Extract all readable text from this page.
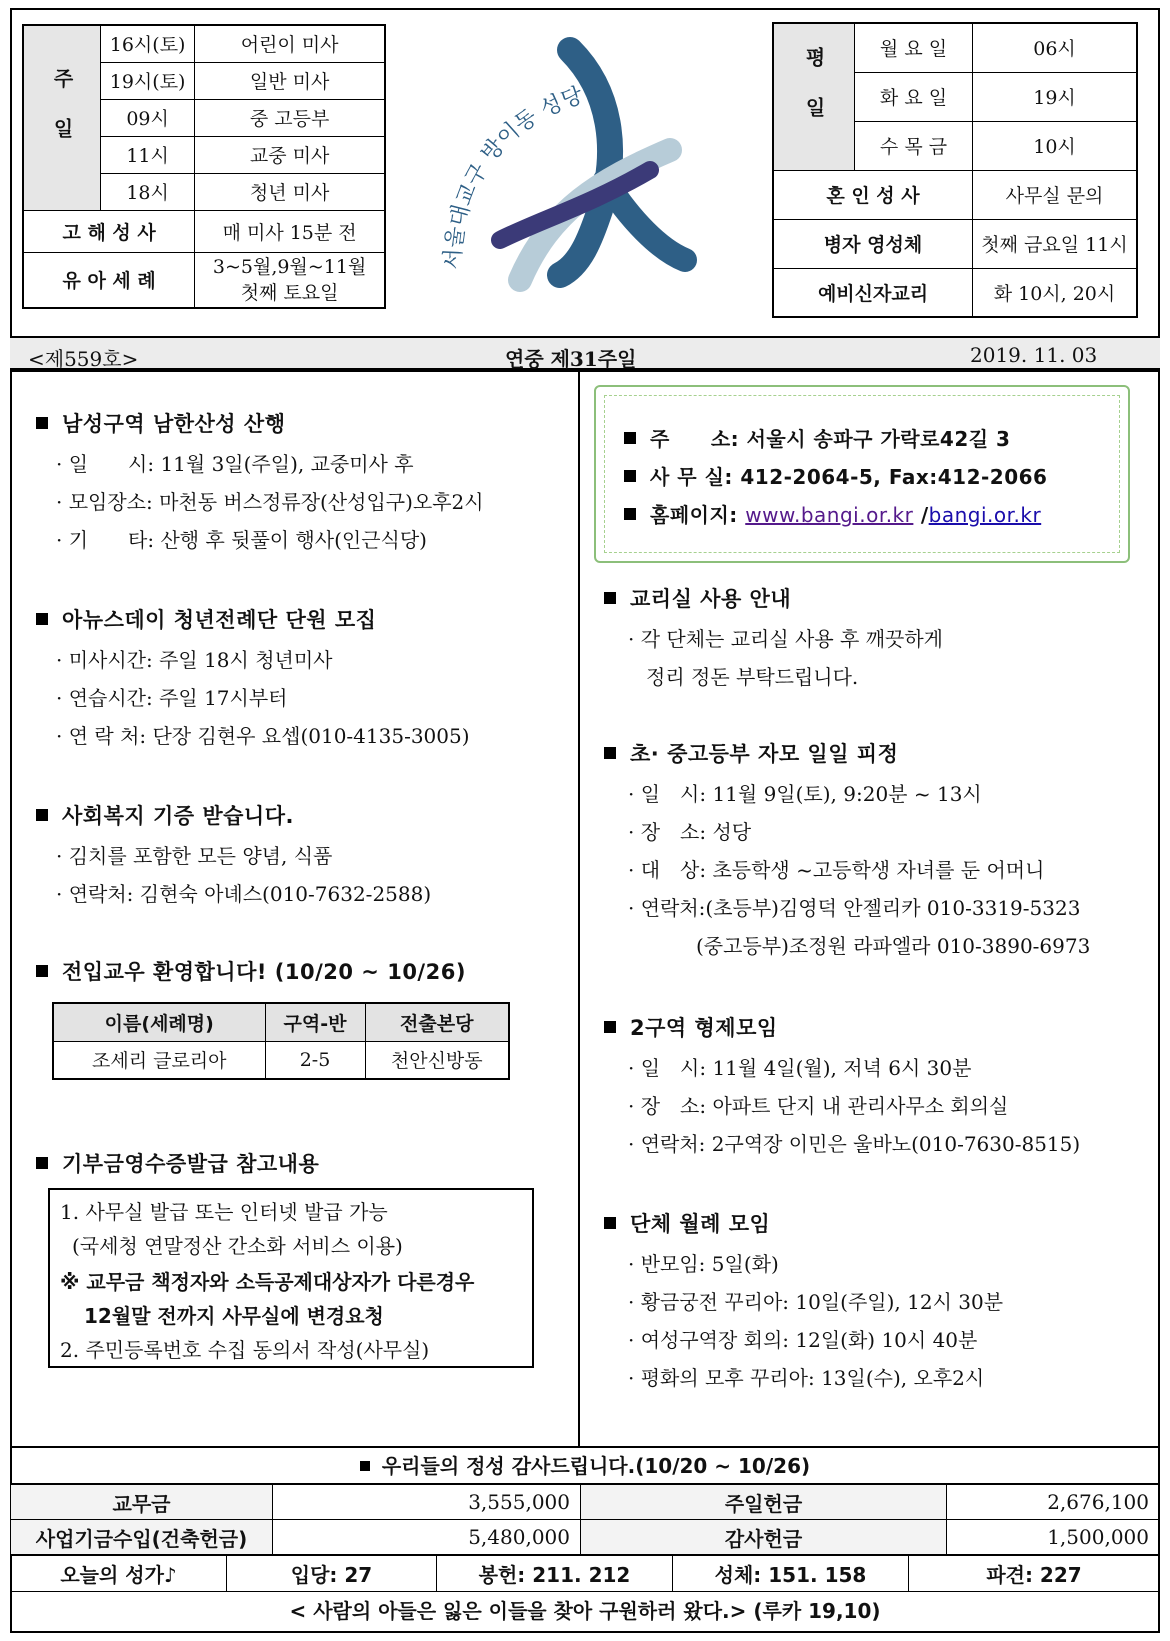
주일	16시(토)	어린이 미사
	19시(토)	일반 미사
	09시	중 고등부
	11시	교중 미사
	18시	청년 미사
고 해 성 사		매 미사 15분 전
유 아 세 례		3~5월,9월~11월
첫째 토요일
서울대교구 방이동 성당	평일	월 요 일	06시
	화 요 일	19시
	수 목 금	10시
혼 인 성 사		사무실 문의
병자 영성체		첫째 금요일 11시
예비신자교리		화 10시, 20시
<제559호>	연중 제31주일	2019. 11. 03
남성구역 남한산성 산행
· 일　　시: 11월 3일(주일), 교중미사 후
· 모임장소: 마천동 버스정류장(산성입구)오후2시
· 기　　타: 산행 후 뒷풀이 행사(인근식당)
아뉴스데이 청년전례단 단원 모집
· 미사시간: 주일 18시 청년미사
· 연습시간: 주일 17시부터
· 연 락 처: 단장 김현우 요셉(010-4135-3005)
사회복지 기증 받습니다.
· 김치를 포함한 모든 양념, 식품
· 연락처: 김현숙 아녜스(010-7632-2588)
전입교우 환영합니다! (10/20 ~ 10/26)
이름(세례명)	구역-반	전출본당
조세리 글로리아	2-5	천안신방동
기부금영수증발급 참고내용
1. 사무실 발급 또는 인터넷 발급 가능
(국세청 연말정산 간소화 서비스 이용)
※ 교무금 책정자와 소득공제대상자가 다른경우
12월말 전까지 사무실에 변경요청
2. 주민등록번호 수집 동의서 작성(사무실)
주　　소: 서울시 송파구 가락로42길 3
사 무 실: 412-2064-5, Fax:412-2066
홈페이지: www.bangi.or.kr /bangi.or.kr
교리실 사용 안내
· 각 단체는 교리실 사용 후 깨끗하게
정리 정돈 부탁드립니다.
초· 중고등부 자모 일일 피정
· 일　시: 11월 9일(토), 9:20분 ~ 13시
· 장　소: 성당
· 대　상: 초등학생 ~고등학생 자녀를 둔 어머니
· 연락처:(초등부)김영덕 안젤리카 010-3319-5323
(중고등부)조정원 라파엘라 010-3890-6973
2구역 형제모임
· 일　시: 11월 4일(월), 저녁 6시 30분
· 장　소: 아파트 단지 내 관리사무소 회의실
· 연락처: 2구역장 이민은 울바노(010-7630-8515)
단체 월례 모임
· 반모임: 5일(화)
· 황금궁전 꾸리아: 10일(주일), 12시 30분
· 여성구역장 회의: 12일(화) 10시 40분
· 평화의 모후 꾸리아: 13일(수), 오후2시
우리들의 정성 감사드립니다.(10/20 ~ 10/26)
교무금	3,555,000	주일헌금	2,676,100
사업기금수입(건축헌금)	5,480,000	감사헌금	1,500,000
오늘의 성가♪	입당: 27	봉헌: 211. 212	성체: 151. 158	파견: 227
< 사람의 아들은 잃은 이들을 찾아 구원하러 왔다.> (루카 19,10)
